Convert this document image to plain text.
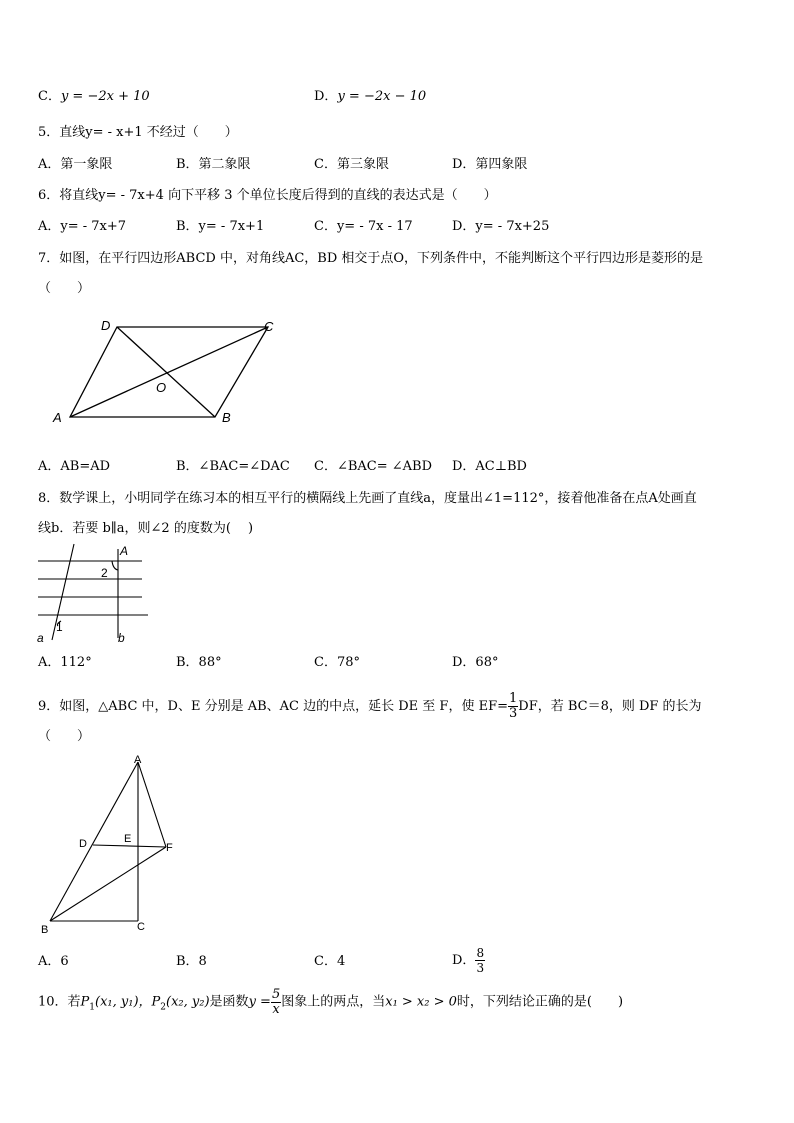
C．y = −2x + 10	D．y = −2x − 10
5．直线y= - x+1 不经过（　　）
A．第一象限	B．第二象限	C．第三象限	D．第四象限
6．将直线y= - 7x+4 向下平移 3 个单位长度后得到的直线的表达式是（　　）
A．y= - 7x+7	B．y= - 7x+1	C．y= - 7x - 17	D．y= - 7x+25
7．如图，在平行四边形ABCD 中，对角线AC，BD 相交于点O，下列条件中，不能判断这个平行四边形是菱形的是
（　　）
D	C
O
A	B
A．AB=AD	B．∠BAC=∠DAC C．∠BAC= ∠ABD D．AC⊥BD
8．数学课上，小明同学在练习本的相互平行的横隔线上先画了直线a，度量出∠1=112°，接着他准备在点A处画直
线b．若要 b∥a，则∠2 的度数为(　 )
A
2
1
a	b
A．112°	B．88°	C．78°	D．68°
9．如图，△ABC 中，D、E 分别是 AB、AC 边的中点，延长 DE 至 F，使 $EF= \frac{1}{3}$ DF，若 BC＝8，则 DF 的长为
（　　）
A
D	E
F
B	C
A．6	B．8	C．4	D． $\frac{8}{3}$
10．若$P_1(x_1$, y₁)，$P_2(x_2$, y₂)是函数$y = \frac{5}{x}$ 图象上的两点，当x₁ > x₂ > 0时，下列结论正确的是(　　)
